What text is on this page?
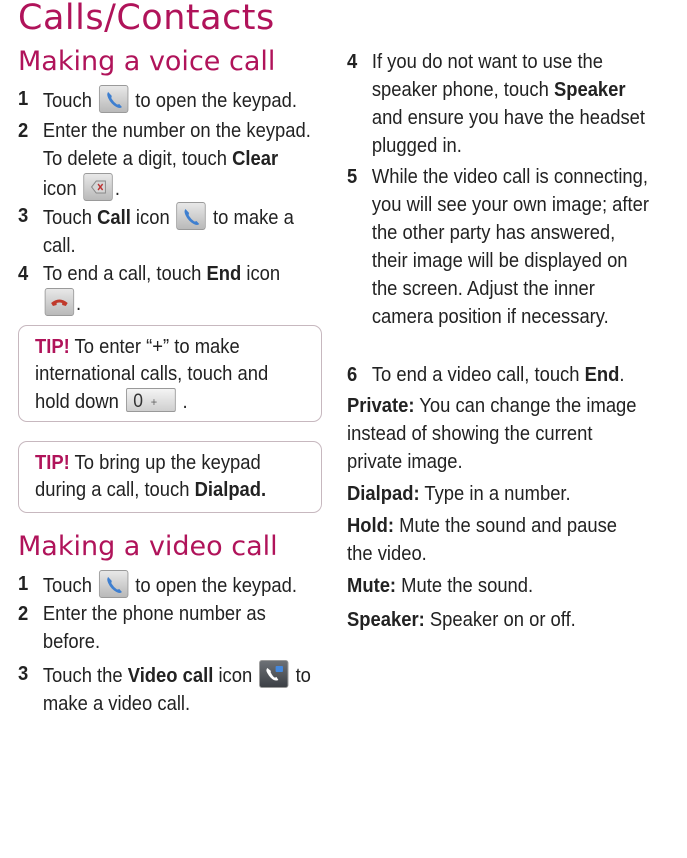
Calls/Contacts
Making a voice call
1 Touch to open the keypad.
2 Enter the number on the keypad. To delete a digit, touch Clear
icon .
3 Touch Call icon to make a call.
4 To end a call, touch End icon

.
TIP! To enter “+” to make international calls, touch and hold down 0 + .
TIP! To bring up the keypad during a call, touch Dialpad.
Making a video call
1 Touch to open the keypad.
2 Enter the phone number as before.
3 Touch the Video call icon to make a video call.
4 If you do not want to use the speaker phone, touch Speaker and ensure you have the headset plugged in.
5 While the video call is connecting, you will see your own image; after the other party has answered, their image will be displayed on the screen. Adjust the inner camera position if necessary.
6 To end a video call, touch End.
Private: You can change the image instead of showing the current private image.
Dialpad: Type in a number.
Hold: Mute the sound and pause the video.
Mute: Mute the sound.
Speaker: Speaker on or off.
